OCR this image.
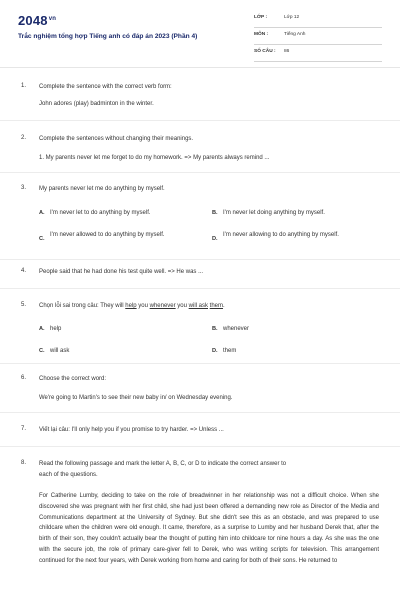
$2048^{vn}$
Trắc nghiệm tổng hợp Tiếng anh có đáp án 2023 (Phần 4)
LỚP :	Lớp 12
MÔN :	Tiếng Anh
SỐ CÂU : 86
1. Complete the sentence with the correct verb form:
John adores (play) badminton in the winter.
2. Complete the sentences without changing their meanings.
1. My parents never let me forget to do my homework. => My parents always remind ...
3. My parents never let me do anything by myself.
A. I'm never let to do anything by myself.	B. I'm never let doing anything by myself.
C.
I'm never allowed to do anything by myself.
D.
I'm never allowing to do anything by myself.
4. People said that he had done his test quite well. => He was ...
5. Chọn lỗi sai trong câu: They will help you whenever you will ask them.
A. help	B. whenever
C. will ask	D. them
6. Choose the correct word:
We're going to Martin's to see their new baby in/ on Wednesday evening.
7. Viết lại câu: I'll only help you if you promise to try harder. => Unless ...
8. Read the following passage and mark the letter A, B, C, or D to indicate the correct answer to
each of the questions.
For Catherine Lumby, deciding to take on the role of breadwinner in her relationship was not a difficult choice. When she discovered she was pregnant with her first child, she had just been offered a demanding new role as Director of the Media and Communications department at the University of Sydney. But she didn't see this as an obstacle, and was prepared to use childcare when the children were old enough. It came, therefore, as a surprise to Lumby and her husband Derek that, after the birth of their son, they couldn't actually bear the thought of putting him into childcare tor nine hours a day. As she was the one with the secure job, the role of primary care-giver fell to Derek, who was writing scripts for television. This arrangement continued for the next four years, with Derek working from home and caring for both of their sons. He returned to
